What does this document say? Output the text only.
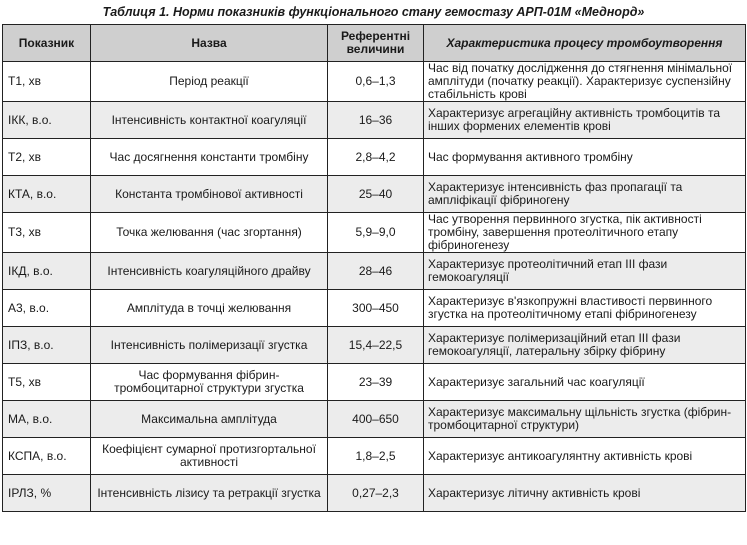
Таблиця 1. Норми показників функціонального стану гемостазу АРП-01М «Меднорд»
Показник	Назва	Референтні величини	Характеристика процесу тромбоутворення
Т1, хв	Період реакції	0,6–1,3	Час від початку дослідження до стягнення мінімальної амплітуди (початку реакції). Характеризує суспензійну стабільність крові
ІКК, в.о.	Інтенсивність контактної коагуляції	16–36	Характеризує агрегаційну активність тромбоцитів та інших формених елементів крові
Т2, хв	Час досягнення константи тромбіну	2,8–4,2	Час формування активного тромбіну
КТА, в.о.	Константа тромбінової активності	25–40	Характеризує інтенсивність фаз пропагації та ампліфікації фібриногену
Т3, хв	Точка желювання (час згортання)	5,9–9,0	Час утворення первинного згустка, пік активності тромбіну, завершення протеолітичного етапу фібриногенезу
ІКД, в.о.	Інтенсивність коагуляційного драйву	28–46	Характеризує протеолітичний етап ІІІ фази гемокоагуляції
А3, в.о.	Амплітуда в точці желювання	300–450	Характеризує в'язкопружні властивості первинного згустка на протеолітичному етапі фібриногенезу
ІПЗ, в.о.	Інтенсивність полімеризації згустка	15,4–22,5	Характеризує полімеризаційний етап ІІІ фази гемокоагуляції, латеральну збірку фібрину
Т5, хв	Час формування фібрин-тромбоцитарної структури згустка	23–39	Характеризує загальний час коагуляції
МА, в.о.	Максимальна амплітуда	400–650	Характеризує максимальну щільність згустка (фібрин-тромбоцитарної структури)
КСПА, в.о.	Коефіцієнт сумарної протизгортальної активності	1,8–2,5	Характеризує антикоагулянтну активність крові
ІРЛЗ, %	Інтенсивність лізису та ретракції згустка	0,27–2,3	Характеризує літичну активність крові
